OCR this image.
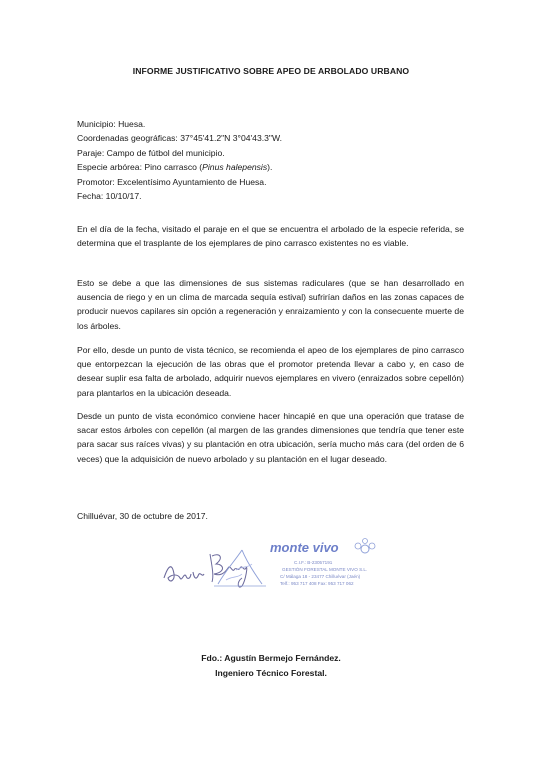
INFORME JUSTIFICATIVO SOBRE APEO DE ARBOLADO URBANO
Municipio: Huesa.
Coordenadas geográficas: 37°45'41.2"N 3°04'43.3"W.
Paraje: Campo de fútbol del municipio.
Especie arbórea: Pino carrasco (Pinus halepensis).
Promotor: Excelentísimo Ayuntamiento de Huesa.
Fecha: 10/10/17.

En el día de la fecha, visitado el paraje en el que se encuentra el arbolado de la especie referida, se determina que el trasplante de los ejemplares de pino carrasco existentes no es viable.

Esto se debe a que las dimensiones de sus sistemas radiculares (que se han desarrollado en ausencia de riego y en un clima de marcada sequía estival) sufrirían daños en las zonas capaces de producir nuevos capilares sin opción a regeneración y enraizamiento y con la consecuente muerte de los árboles.

Por ello, desde un punto de vista técnico, se recomienda el apeo de los ejemplares de pino carrasco que entorpezcan la ejecución de las obras que el promotor pretenda llevar a cabo y, en caso de desear suplir esa falta de arbolado, adquirir nuevos ejemplares en vivero (enraizados sobre cepellón) para plantarlos en la ubicación deseada.

Desde un punto de vista económico conviene hacer hincapié en que una operación que tratase de sacar estos árboles con cepellón (al margen de las grandes dimensiones que tendría que tener este para sacar sus raíces vivas) y su plantación en otra ubicación, sería mucho más cara (del orden de 6 veces) que la adquisición de nuevo arbolado y su plantación en el lugar deseado.

Chilluévar, 30 de octubre de 2017.
monte vivo
C.I.F.: B-23057191
GESTIÓN FORESTAL MONTE VIVO S.L.
C/ Málaga 18 - 23477 Chilluévar (Jaén)
Telf.: 953 717 408 Fax: 953 717 062
Fdo.: Agustín Bermejo Fernández.
Ingeniero Técnico Forestal.
